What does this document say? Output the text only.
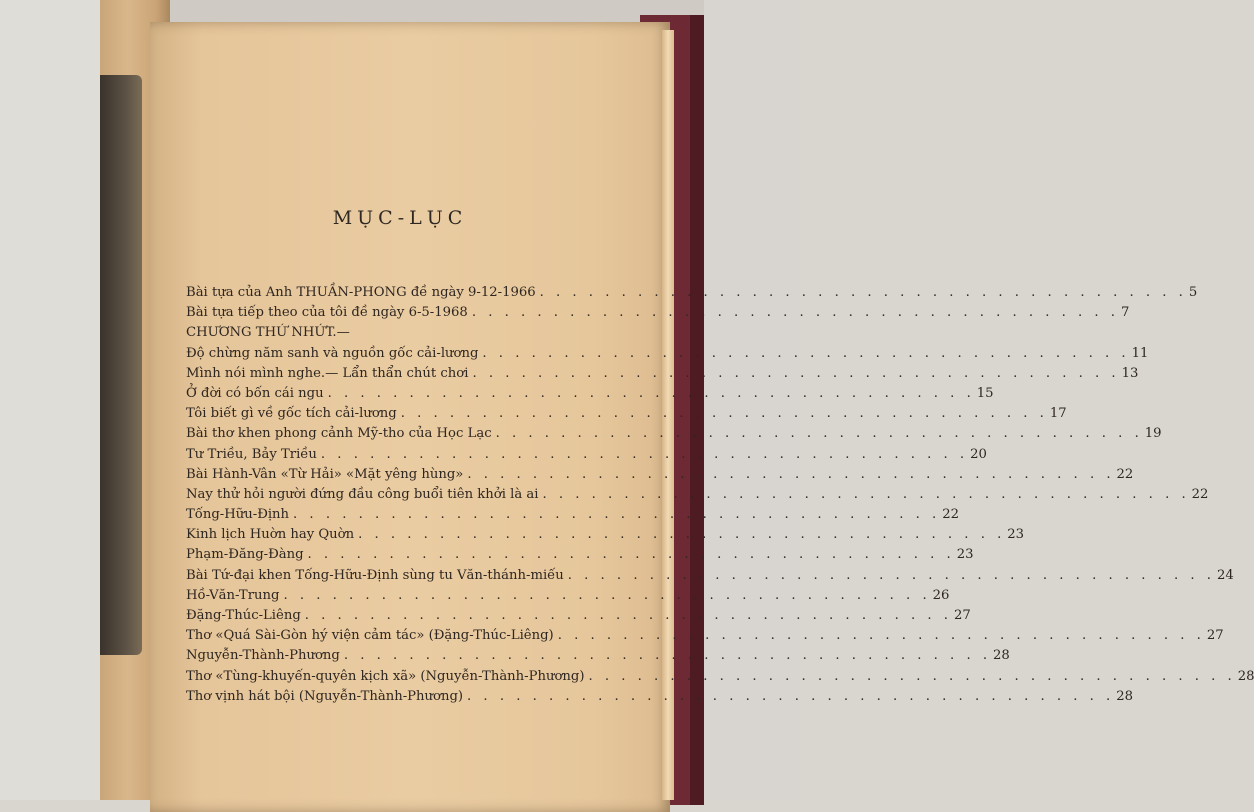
MỤC-LỤC
Bài tựa của Anh THUẦN-PHONG đề ngày 9-12-1966 . . . . . . . . . . . . . . . . . . . . . . . . . . . . . . . . . . . . . . . . 5
Bài tựa tiếp theo của tôi đề ngày 6-5-1968 . . . . . . . . . . . . . . . . . . . . . . . . . . . . . . . . . . . . . . . . 7
CHƯƠNG THỨ NHỨT.—
Độ chừng năm sanh và nguồn gốc cải-lương . . . . . . . . . . . . . . . . . . . . . . . . . . . . . . . . . . . . . . . . 11
Mình nói mình nghe.— Lẩn thẩn chút chơi . . . . . . . . . . . . . . . . . . . . . . . . . . . . . . . . . . . . . . . . 13
Ở đời có bốn cái ngu . . . . . . . . . . . . . . . . . . . . . . . . . . . . . . . . . . . . . . . . 15
Tôi biết gì về gốc tích cải-lương . . . . . . . . . . . . . . . . . . . . . . . . . . . . . . . . . . . . . . . . 17
Bài thơ khen phong cảnh Mỹ-tho của Học Lạc . . . . . . . . . . . . . . . . . . . . . . . . . . . . . . . . . . . . . . . . 19
Tư Triều, Bảy Triều . . . . . . . . . . . . . . . . . . . . . . . . . . . . . . . . . . . . . . . . 20
Bài Hành-Vân «Từ Hải» «Mặt yêng hùng» . . . . . . . . . . . . . . . . . . . . . . . . . . . . . . . . . . . . . . . . 22
Nay thử hỏi người đứng đầu công buổi tiên khởi là ai . . . . . . . . . . . . . . . . . . . . . . . . . . . . . . . . . . . . . . . . 22
Tống-Hữu-Định . . . . . . . . . . . . . . . . . . . . . . . . . . . . . . . . . . . . . . . . 22
Kinh lịch Huờn hay Quờn . . . . . . . . . . . . . . . . . . . . . . . . . . . . . . . . . . . . . . . . 23
Phạm-Đăng-Đàng . . . . . . . . . . . . . . . . . . . . . . . . . . . . . . . . . . . . . . . . 23
Bài Tứ-đại khen Tống-Hữu-Định sùng tu Văn-thánh-miếu . . . . . . . . . . . . . . . . . . . . . . . . . . . . . . . . . . . . . . . . 24
Hồ-Văn-Trung . . . . . . . . . . . . . . . . . . . . . . . . . . . . . . . . . . . . . . . . 26
Đặng-Thúc-Liêng . . . . . . . . . . . . . . . . . . . . . . . . . . . . . . . . . . . . . . . . 27
Thơ «Quá Sài-Gòn hý viện cảm tác» (Đặng-Thúc-Liêng) . . . . . . . . . . . . . . . . . . . . . . . . . . . . . . . . . . . . . . . . 27
Nguyễn-Thành-Phương . . . . . . . . . . . . . . . . . . . . . . . . . . . . . . . . . . . . . . . . 28
Thơ «Tùng-khuyến-quyên kịch xã» (Nguyễn-Thành-Phương) . . . . . . . . . . . . . . . . . . . . . . . . . . . . . . . . . . . . . . . . 28
Thơ vịnh hát bội (Nguyễn-Thành-Phương) . . . . . . . . . . . . . . . . . . . . . . . . . . . . . . . . . . . . . . . . 28
